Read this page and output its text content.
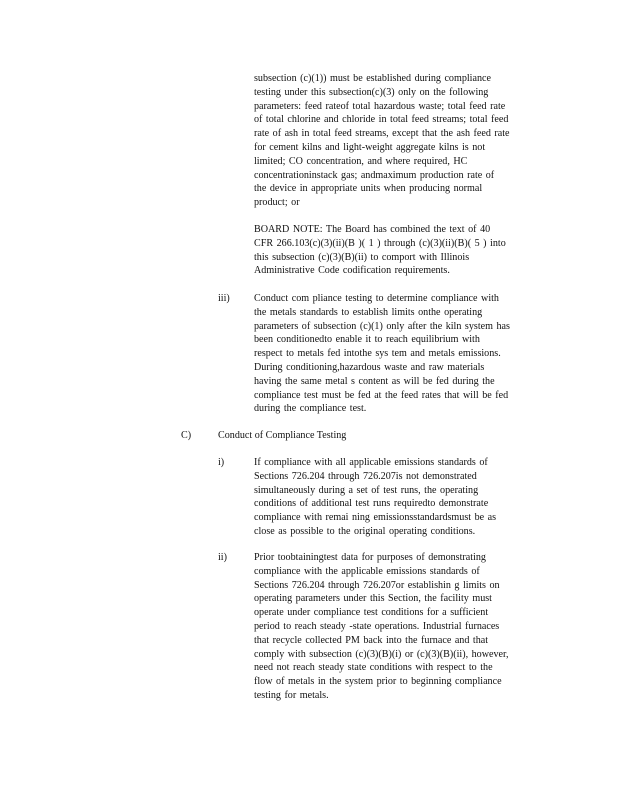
subsection (c)(1)) must be established during compliance
testing under this subsection(c)(3) only on the following
parameters: feed rateof total hazardous waste; total feed rate
of total chlorine and chloride in total feed streams; total feed
rate of ash in total feed streams, except that the ash feed rate
for cement kilns and light-weight aggregate kilns is not
limited; CO concentration, and where required, HC
concentrationinstack gas; andmaximum production rate of
the device in appropriate units when producing normal
product; or
BOARD NOTE: The Board has combined the text of 40
CFR 266.103(c)(3)(ii)(B )( 1 ) through (c)(3)(ii)(B)( 5 ) into
this subsection (c)(3)(B)(ii) to comport with Illinois
Administrative Code codification requirements.
iii) Conduct com pliance testing to determine compliance with
the metals standards to establish limits onthe operating
parameters of subsection (c)(1) only after the kiln system has
been conditionedto enable it to reach equilibrium with
respect to metals fed intothe sys tem and metals emissions.
During conditioning,hazardous waste and raw materials
having the same metal s content as will be fed during the
compliance test must be fed at the feed rates that will be fed
during the compliance test.
C)	Conduct of Compliance Testing
i)	If compliance with all applicable emissions standards of
Sections 726.204 through 726.207is not demonstrated
simultaneously during a set of test runs, the operating
conditions of additional test runs requiredto demonstrate
compliance with remai ning emissionsstandardsmust be as
close as possible to the original operating conditions.
ii)	Prior toobtainingtest data for purposes of demonstrating
compliance with the applicable emissions standards of
Sections 726.204 through 726.207or establishin g limits on
operating parameters under this Section, the facility must
operate under compliance test conditions for a sufficient
period to reach steady -state operations. Industrial furnaces
that recycle collected PM back into the furnace and that
comply with subsection (c)(3)(B)(i) or (c)(3)(B)(ii), however,
need not reach steady state conditions with respect to the
flow of metals in the system prior to beginning compliance
testing for metals.
